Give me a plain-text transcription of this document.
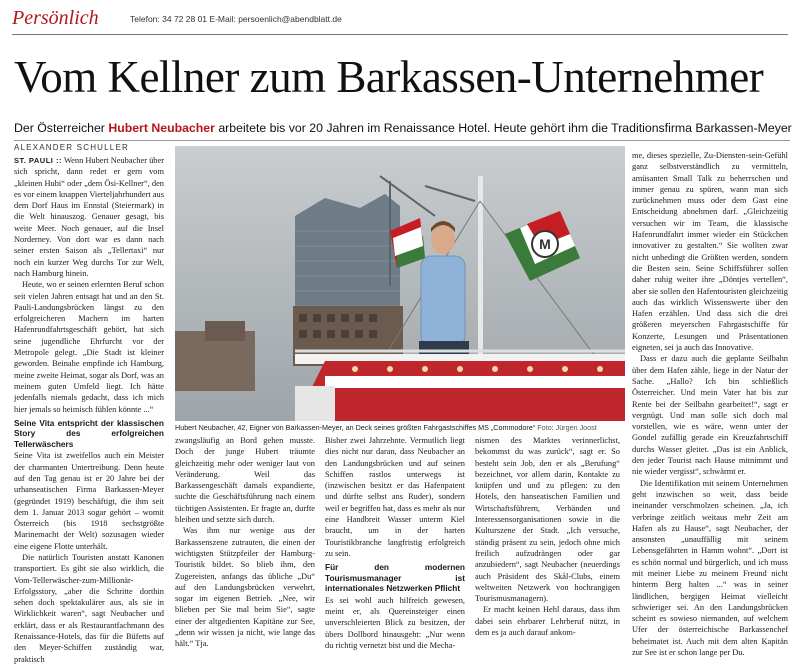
Persönlich	Telefon: 34 72 28 01 E-Mail: persoenlich@abendblatt.de
Vom Kellner zum Barkassen-Unternehmer
Der Österreicher Hubert Neubacher arbeitete bis vor 20 Jahren im Renaissance Hotel. Heute gehört ihm die Traditionsfirma Barkassen-Meyer
ALEXANDER SCHULLER

ST. PAULI :: Wenn Hubert Neubacher über sich spricht, dann redet er gern vom „kleinen Hubi“ oder „dem Ösi-Kellner“, den es vor einem knappen Vierteljahrhundert aus dem Dorf Haus im Ennstal (Steiermark) in die Welt hinauszog. Genauer gesagt, bis weite Meer. Noch genauer, auf die Insel Norderney. Von dort war es dann nach seiner ersten Saison als „Tellertaxi“ nur noch ein kurzer Weg durchs Tor zur Welt, nach Hamburg hinein.

Heute, wo er seinen erlernten Beruf schon seit vielen Jahren entsagt hat und an den St. Pauli-Landungsbrücken längst zu den erfolgreicheren Machern im harten Hafenrundfahrtsgeschäft gehört, hat sich seine jugendliche Ehrfurcht vor der Metropole gelegt. „Die Stadt ist kleiner geworden. Beinahe empfinde ich Hamburg, meine zweite Heimat, sogar als Dorf, was an meinem guten Umfeld liegt. Ich hätte jedenfalls niemals gedacht, dass ich mich hier jemals so heimisch fühlen könnte ...“

Seine Vita entspricht der klassischen Story des erfolgreichen Tellerwäschers

Seine Vita ist zweifellos auch ein Meister der charmanten Untertreibung. Denn heute auf den Tag genau ist er 20 Jahre bei der urhanseatischen Firma Barkassen-Meyer (gegründet 1919) beschäftigt, die ihm seit dem 1. Januar 2013 sogar gehört – womit Österreich (bis 1918 sechstgrößte Marinemacht der Welt) sozusagen wieder eine eigene Flotte unterhält.

Die natürlich Touristen anstatt Kanonen transportiert. Es gibt sie also wirklich, die Vom-Tellerwäscher-zum-Millionär-Erfolgsstory, „aber die Schritte dorthin sehen doch spektakulärer aus, als sie in Wirklichkeit waren“, sagt Neubacher und erklärt, dass er als Restaurantfachmann des Renaissance-Hotels, das für die Büfetts auf den Meyer-Schiffen zuständig war, praktisch

M
Hubert Neubacher, 42, Eigner von Barkassen-Meyer, an Deck seines größten Fahrgastschiffes MS „Commodore“ Foto: Jürgen Joost

zwangsläufig an Bord gehen musste. Doch der junge Hubert träumte gleichzeitig mehr oder weniger laut von Veränderung. Weil das Barkassengeschäft damals expandierte, suchte die Geschäftsführung nach einem tüchtigen Assistenten. Er fragte an, durfte bleiben und setzte sich durch.

Was ihm nur wenige aus der Barkassenszene zutrauten, die einen der wichtigsten Stützpfeiler der Hamburg-Touristik bildet. So blieb ihm, den Zugereisten, anfangs das übliche „Du“ auf den Landungsbrücken verwehrt, sogar im eigenen Betrieb. „Nee, wir blieben per Sie mal beim Sie“, sagte einer der altgedienten Kapitäne zur See, „denn wir wissen ja nicht, wie lange das hält.“ Tja.

Bisher zwei Jahrzehnte. Vermutlich liegt dies nicht nur daran, dass Neubacher an den Landungsbrücken und auf seinen Schiffen rastlos unterwegs ist (inzwischen besitzt er das Hafenpatent und dürfte selbst ans Ruder), sondern weil er begriffen hat, dass es mehr als nur eine Handbreit Wasser unterm Kiel braucht, um in der harten Touristikbranche langfristig erfolgreich zu sein.

Für den modernen Tourismusmanager ist internationales Netzwerken Pflicht

Es sei wohl auch hilfreich gewesen, meint er, als Quereinsteiger einen unverschleierten Blick zu besitzen, der übers Dollbord hinausgeht: „Nur wenn du richtig vernetzt bist und die Mecha-

nismen des Marktes verinnerlichst, bekommst du was zurück“, sagt er. So besteht sein Job, den er als „Berufung“ bezeichnet, vor allem darin, Kontakte zu knüpfen und und zu pflegen: zu den Hotels, den hanseatischen Familien und Wirtschaftsführern, Verbänden und Interessensorganisationen sowie in die Kulturszene der Stadt. „Ich versuche, ständig präsent zu sein, jedoch ohne mich freilich aufzudrängen oder gar anzubiedern“, sagt Neubacher (neuerdings auch Präsident des Skål-Clubs, einem weltweiten Netzwerk von hochrangigen Tourismusmanagern).

Er macht keinen Hehl daraus, dass ihm dabei sein ehrbarer Lehrberuf nützt, in dem es ja auch darauf ankom-

me, dieses spezielle, Zu-Diensten-sein-Gefühl ganz selbstverständlich zu vermitteln, amüsanten Small Talk zu beherrschen und immer genau zu spüren, wann man sich zurücknehmen muss oder dem Gast eine Entscheidung abnehmen darf. „Gleichzeitig versuchen wir im Team, die klassische Hafenrundfahrt immer wieder ein Stückchen innovativer zu gestalten.“ Sie wollten zwar nicht unbedingt die Größten werden, sondern die Besten sein. Seine Schiffsführer sollen daher ruhig weiter ihre „Döntjes vertellen“, aber sie sollen den Hafentouristen gleichzeitig auch das wirklich Wissenswerte über den Hafen erzählen. Und dass sich die drei größeren meyerschen Fahrgastschiffe für Konzerte, Lesungen und Präsentationen eigneten, sei ja auch das Innovative.

Dass er dazu auch die geplante Seilbahn über dem Hafen zähle, liege in der Natur der Sache. „Hallo? Ich bin schließlich Österreicher. Und mein Vater hat bis zur Rente bei der Seilbahn gearbeitet!“, sagt er vergnügt. Und man solle sich doch mal vorstellen, wie es wäre, wenn unter der Gondel zufällig gerade ein Kreuzfahrtschiff durchs Wasser gleitet. „Das ist ein Anblick, den jeder Tourist nach Hause mitnimmt und nie wieder vergisst“, schwärmt er.

Die Identifikation mit seinem Unternehmen geht inzwischen so weit, dass beide ineinander verschmolzen scheinen. „Ja, ich verbringe zeitlich weitaus mehr Zeit am Hafen als zu Hause“, sagt Neubacher, der ansonsten „unauffällig mit seinem Lebensgefährten in Hamm wohnt“. „Dort ist es schön normal und bürgerlich, und ich muss mit meiner Liebe zu meinem Freund nicht hinterm Berg halten ...“ was in seiner ländlichen, bergigen Heimat vielleicht schwieriger sei. An den Landungsbrücken scheint es sowieso niemanden, auf welchem Ufer der österreichische Barkassenchef beheimatet ist. Auch mit dem alten Kapitän zur See ist er schon lange per Du.
